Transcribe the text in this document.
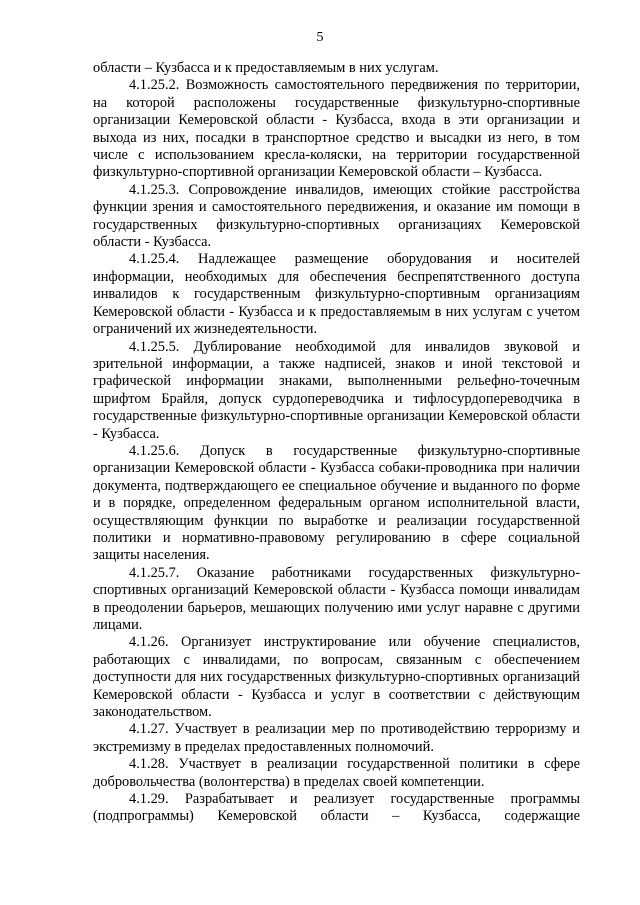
5

области – Кузбасса и к предоставляемым в них услугам.

4.1.25.2. Возможность самостоятельного передвижения по территории, на которой расположены государственные физкультурно-спортивные организации Кемеровской области - Кузбасса, входа в эти организации и выхода из них, посадки в транспортное средство и высадки из него, в том числе с использованием кресла-коляски, на территории государственной физкультурно-спортивной организации Кемеровской области – Кузбасса.

4.1.25.3. Сопровождение инвалидов, имеющих стойкие расстройства функции зрения и самостоятельного передвижения, и оказание им помощи в государственных физкультурно-спортивных организациях Кемеровской области - Кузбасса.

4.1.25.4. Надлежащее размещение оборудования и носителей информации, необходимых для обеспечения беспрепятственного доступа инвалидов к государственным физкультурно-спортивным организациям Кемеровской области - Кузбасса и к предоставляемым в них услугам с учетом ограничений их жизнедеятельности.

4.1.25.5. Дублирование необходимой для инвалидов звуковой и зрительной информации, а также надписей, знаков и иной текстовой и графической информации знаками, выполненными рельефно-точечным шрифтом Брайля, допуск сурдопереводчика и тифлосурдопереводчика в государственные физкультурно-спортивные организации Кемеровской области - Кузбасса.

4.1.25.6. Допуск в государственные физкультурно-спортивные организации Кемеровской области - Кузбасса собаки-проводника при наличии документа, подтверждающего ее специальное обучение и выданного по форме и в порядке, определенном федеральным органом исполнительной власти, осуществляющим функции по выработке и реализации государственной политики и нормативно-правовому регулированию в сфере социальной защиты населения.

4.1.25.7. Оказание работниками государственных физкультурно-спортивных организаций Кемеровской области - Кузбасса помощи инвалидам в преодолении барьеров, мешающих получению ими услуг наравне с другими лицами.

4.1.26. Организует инструктирование или обучение специалистов, работающих с инвалидами, по вопросам, связанным с обеспечением доступности для них государственных физкультурно-спортивных организаций Кемеровской области - Кузбасса и услуг в соответствии с действующим законодательством.

4.1.27. Участвует в реализации мер по противодействию терроризму и экстремизму в пределах предоставленных полномочий.

4.1.28. Участвует в реализации государственной политики в сфере добровольчества (волонтерства) в пределах своей компетенции.

4.1.29. Разрабатывает и реализует государственные программы (подпрограммы) Кемеровской области – Кузбасса, содержащие
